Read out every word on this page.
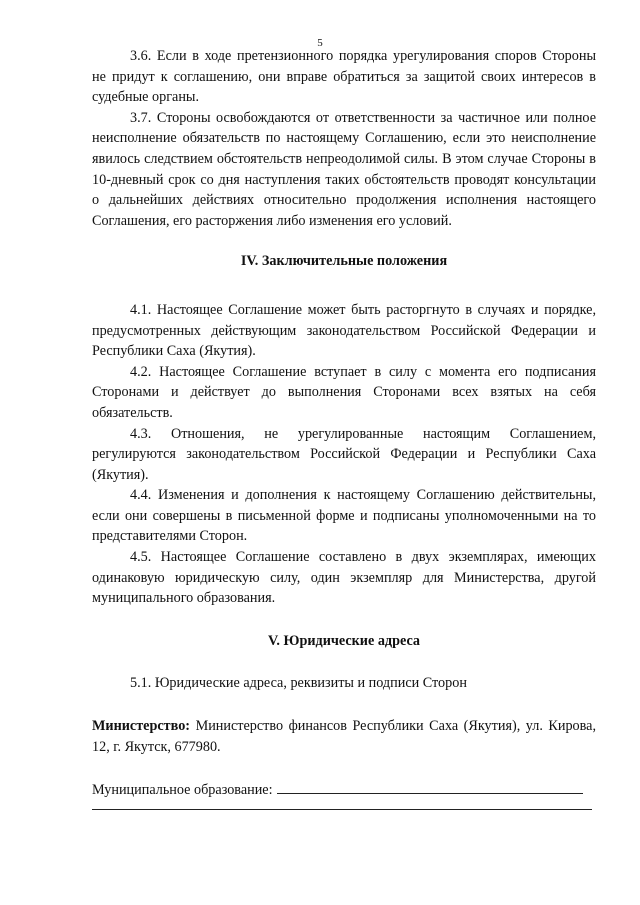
5

3.6. Если в ходе претензионного порядка урегулирования споров Стороны не придут к соглашению, они вправе обратиться за защитой своих интересов в судебные органы.

3.7. Стороны освобождаются от ответственности за частичное или полное неисполнение обязательств по настоящему Соглашению, если это неисполнение явилось следствием обстоятельств непреодолимой силы. В этом случае Стороны в 10-дневный срок со дня наступления таких обстоятельств проводят консультации о дальнейших действиях относительно продолжения исполнения настоящего Соглашения, его расторжения либо изменения его условий.

IV. Заключительные положения

4.1. Настоящее Соглашение может быть расторгнуто в случаях и порядке, предусмотренных действующим законодательством Российской Федерации и Республики Саха (Якутия).

4.2. Настоящее Соглашение вступает в силу с момента его подписания Сторонами и действует до выполнения Сторонами всех взятых на себя обязательств.

4.3. Отношения, не урегулированные настоящим Соглашением, регулируются законодательством Российской Федерации и Республики Саха (Якутия).

4.4. Изменения и дополнения к настоящему Соглашению действительны, если они совершены в письменной форме и подписаны уполномоченными на то представителями Сторон.

4.5. Настоящее Соглашение составлено в двух экземплярах, имеющих одинаковую юридическую силу, один экземпляр для Министерства, другой муниципального образования.

V. Юридические адреса

5.1. Юридические адреса, реквизиты и подписи Сторон

Министерство: Министерство финансов Республики Саха (Якутия), ул. Кирова, 12, г. Якутск, 677980.

Муниципальное образование:
